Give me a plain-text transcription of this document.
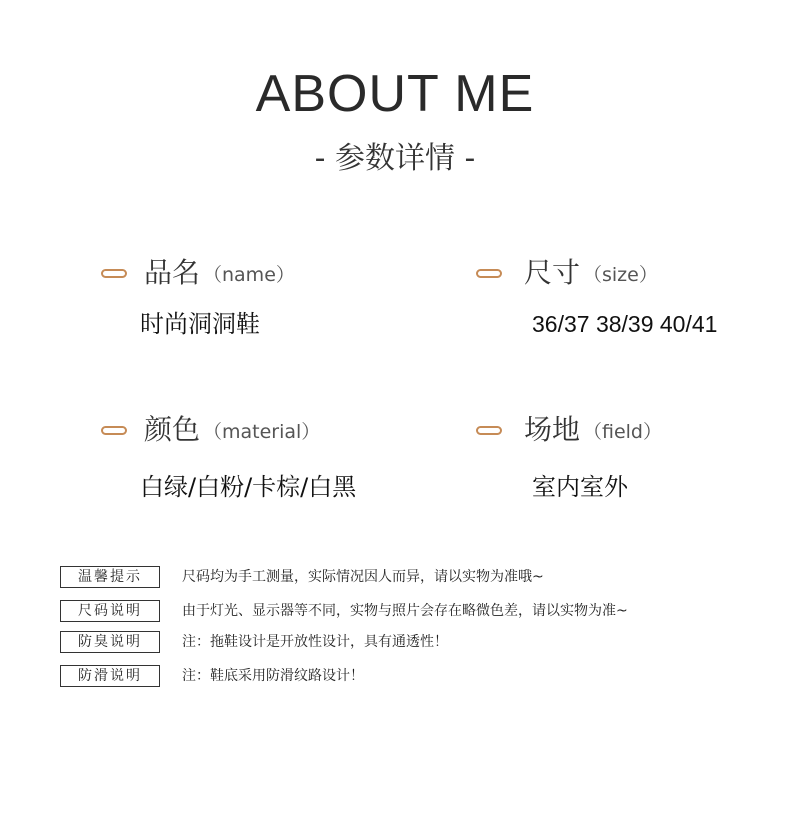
ABOUT ME
- 参数详情 -
品名 （name）
时尚洞洞鞋
尺寸 （size）
36/37 38/39 40/41
颜色 （material）
白绿/白粉/卡棕/白黑
场地 （field）
室内室外
温馨提示	尺码均为手工测量，实际情况因人而异，请以实物为准哦~
尺码说明	由于灯光、显示器等不同，实物与照片会存在略微色差，请以实物为准~
防臭说明	注：拖鞋设计是开放性设计，具有通透性！
防滑说明	注：鞋底采用防滑纹路设计！
